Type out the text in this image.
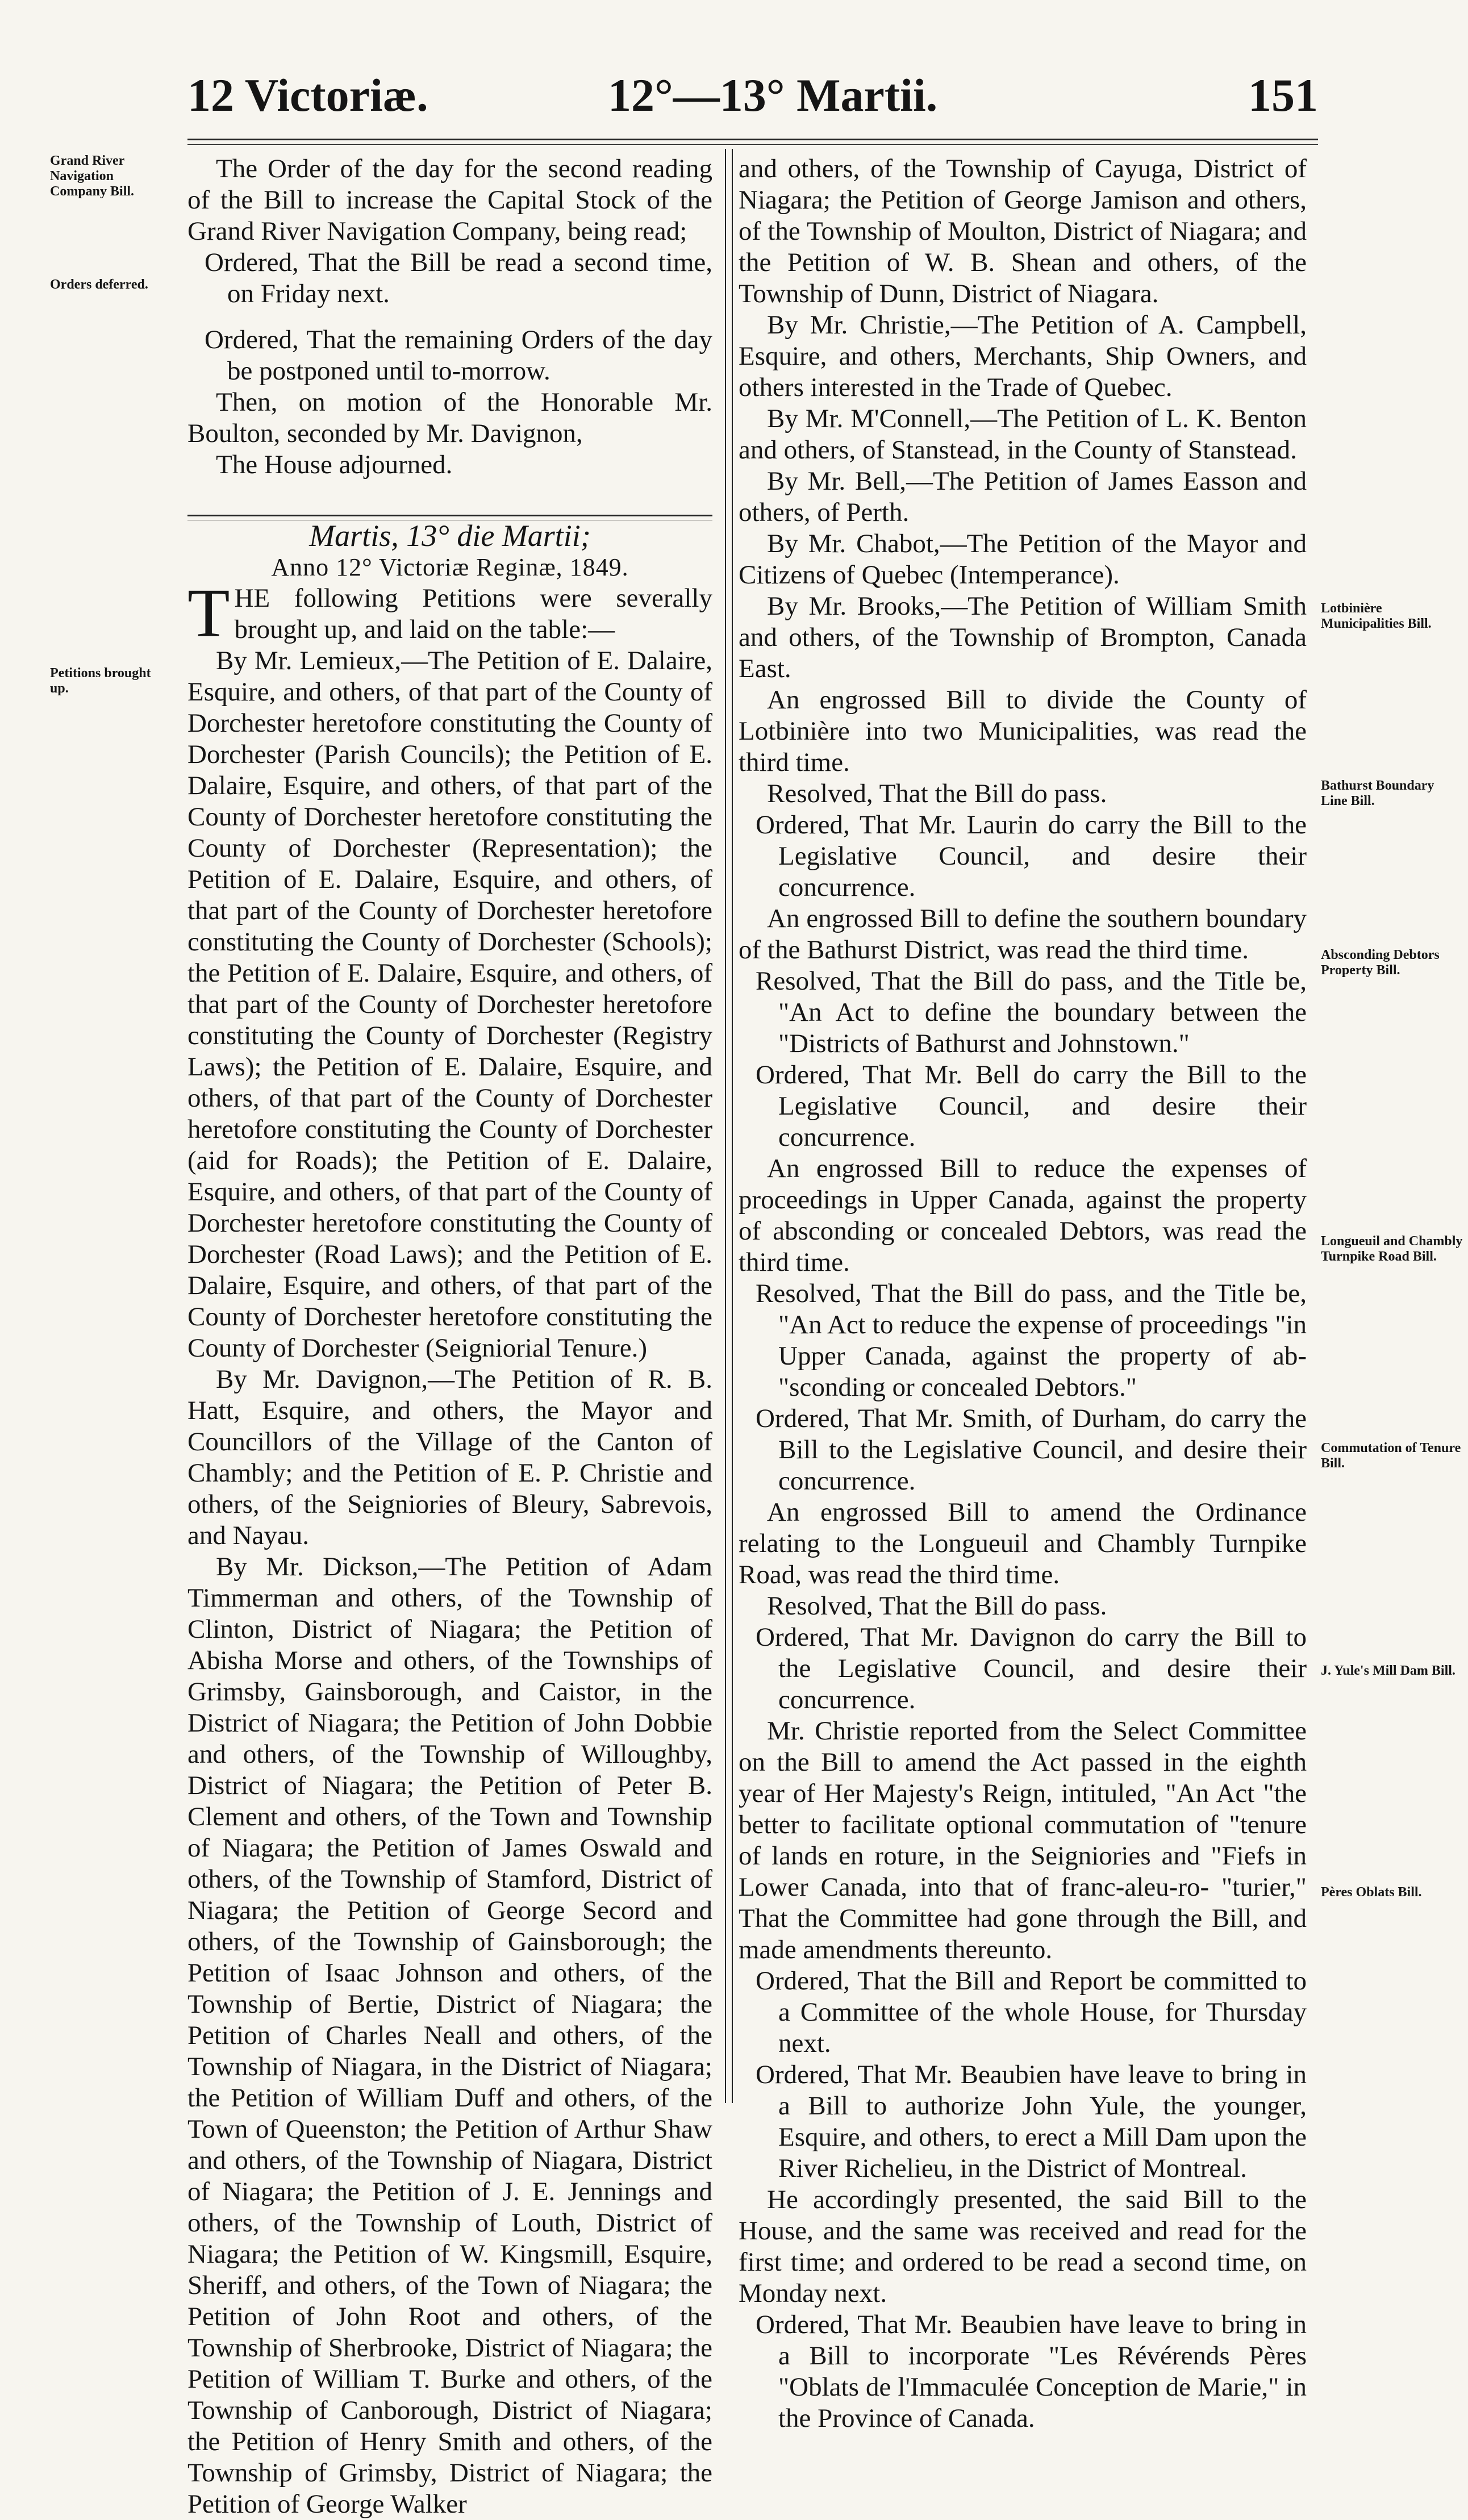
12 Victoriæ.	12°—13° Martii.	151
Grand River Navigation Company Bill.
Orders deferred.
Petitions brought up.
Lotbinière Municipalities Bill.
Bathurst Boundary Line Bill.
Absconding Debtors Property Bill.
Longueuil and Chambly Turnpike Road Bill.
Commutation of Tenure Bill.
J. Yule's Mill Dam Bill.
Pères Oblats Bill.

The Order of the day for the second reading of the Bill to increase the Capital Stock of the Grand River Navigation Company, being read;

Ordered, That the Bill be read a second time, on Friday next.

Ordered, That the remaining Orders of the day be postponed until to-morrow.

Then, on motion of the Honorable Mr. Boulton, seconded by Mr. Davignon,

The House adjourned.

Martis, 13° die Martii;

Anno 12° Victoriæ Reginæ, 1849.

THE following Petitions were severally brought up, and laid on the table:—

By Mr. Lemieux,—The Petition of E. Dalaire, Esquire, and others, of that part of the County of Dorchester heretofore constituting the County of Dorchester (Parish Councils); the Petition of E. Dalaire, Esquire, and others, of that part of the County of Dorchester heretofore constituting the County of Dorchester (Representation); the Petition of E. Dalaire, Esquire, and others, of that part of the County of Dorchester heretofore constituting the County of Dorchester (Schools); the Petition of E. Dalaire, Esquire, and others, of that part of the County of Dorchester heretofore constituting the County of Dorchester (Registry Laws); the Petition of E. Dalaire, Esquire, and others, of that part of the County of Dorchester heretofore constituting the County of Dorchester (aid for Roads); the Petition of E. Dalaire, Esquire, and others, of that part of the County of Dorchester heretofore constituting the County of Dorchester (Road Laws); and the Petition of E. Dalaire, Esquire, and others, of that part of the County of Dorchester heretofore constituting the County of Dorchester (Seigniorial Tenure.)

By Mr. Davignon,—The Petition of R. B. Hatt, Esquire, and others, the Mayor and Councillors of the Village of the Canton of Chambly; and the Petition of E. P. Christie and others, of the Seigniories of Bleury, Sabrevois, and Nayau.

By Mr. Dickson,—The Petition of Adam Timmerman and others, of the Township of Clinton, District of Niagara; the Petition of Abisha Morse and others, of the Townships of Grimsby, Gainsborough, and Caistor, in the District of Niagara; the Petition of John Dobbie and others, of the Township of Willoughby, District of Niagara; the Petition of Peter B. Clement and others, of the Town and Township of Niagara; the Petition of James Oswald and others, of the Township of Stamford, District of Niagara; the Petition of George Secord and others, of the Township of Gainsborough; the Petition of Isaac Johnson and others, of the Township of Bertie, District of Niagara; the Petition of Charles Neall and others, of the Township of Niagara, in the District of Niagara; the Petition of William Duff and others, of the Town of Queenston; the Petition of Arthur Shaw and others, of the Township of Niagara, District of Niagara; the Petition of J. E. Jennings and others, of the Township of Louth, District of Niagara; the Petition of W. Kingsmill, Esquire, Sheriff, and others, of the Town of Niagara; the Petition of John Root and others, of the Township of Sherbrooke, District of Niagara; the Petition of William T. Burke and others, of the Township of Canborough, District of Niagara; the Petition of Henry Smith and others, of the Township of Grimsby, District of Niagara; the Petition of George Walker

and others, of the Township of Cayuga, District of Niagara; the Petition of George Jamison and others, of the Township of Moulton, District of Niagara; and the Petition of W. B. Shean and others, of the Township of Dunn, District of Niagara.

By Mr. Christie,—The Petition of A. Campbell, Esquire, and others, Merchants, Ship Owners, and others interested in the Trade of Quebec.

By Mr. M'Connell,—The Petition of L. K. Benton and others, of Stanstead, in the County of Stanstead.

By Mr. Bell,—The Petition of James Easson and others, of Perth.

By Mr. Chabot,—The Petition of the Mayor and Citizens of Quebec (Intemperance).

By Mr. Brooks,—The Petition of William Smith and others, of the Township of Brompton, Canada East.

An engrossed Bill to divide the County of Lotbinière into two Municipalities, was read the third time.

Resolved, That the Bill do pass.

Ordered, That Mr. Laurin do carry the Bill to the Legislative Council, and desire their concurrence.

An engrossed Bill to define the southern boundary of the Bathurst District, was read the third time.

Resolved, That the Bill do pass, and the Title be, "An Act to define the boundary between the "Districts of Bathurst and Johnstown."

Ordered, That Mr. Bell do carry the Bill to the Legislative Council, and desire their concurrence.

An engrossed Bill to reduce the expenses of proceedings in Upper Canada, against the property of absconding or concealed Debtors, was read the third time.

Resolved, That the Bill do pass, and the Title be, "An Act to reduce the expense of proceedings "in Upper Canada, against the property of ab- "sconding or concealed Debtors."

Ordered, That Mr. Smith, of Durham, do carry the Bill to the Legislative Council, and desire their concurrence.

An engrossed Bill to amend the Ordinance relating to the Longueuil and Chambly Turnpike Road, was read the third time.

Resolved, That the Bill do pass.

Ordered, That Mr. Davignon do carry the Bill to the Legislative Council, and desire their concurrence.

Mr. Christie reported from the Select Committee on the Bill to amend the Act passed in the eighth year of Her Majesty's Reign, intituled, "An Act "the better to facilitate optional commutation of "tenure of lands en roture, in the Seigniories and "Fiefs in Lower Canada, into that of franc-aleu-ro- "turier," That the Committee had gone through the Bill, and made amendments thereunto.

Ordered, That the Bill and Report be committed to a Committee of the whole House, for Thursday next.

Ordered, That Mr. Beaubien have leave to bring in a Bill to authorize John Yule, the younger, Esquire, and others, to erect a Mill Dam upon the River Richelieu, in the District of Montreal.

He accordingly presented, the said Bill to the House, and the same was received and read for the first time; and ordered to be read a second time, on Monday next.

Ordered, That Mr. Beaubien have leave to bring in a Bill to incorporate "Les Révérends Pères "Oblats de l'Immaculée Conception de Marie," in the Province of Canada.
